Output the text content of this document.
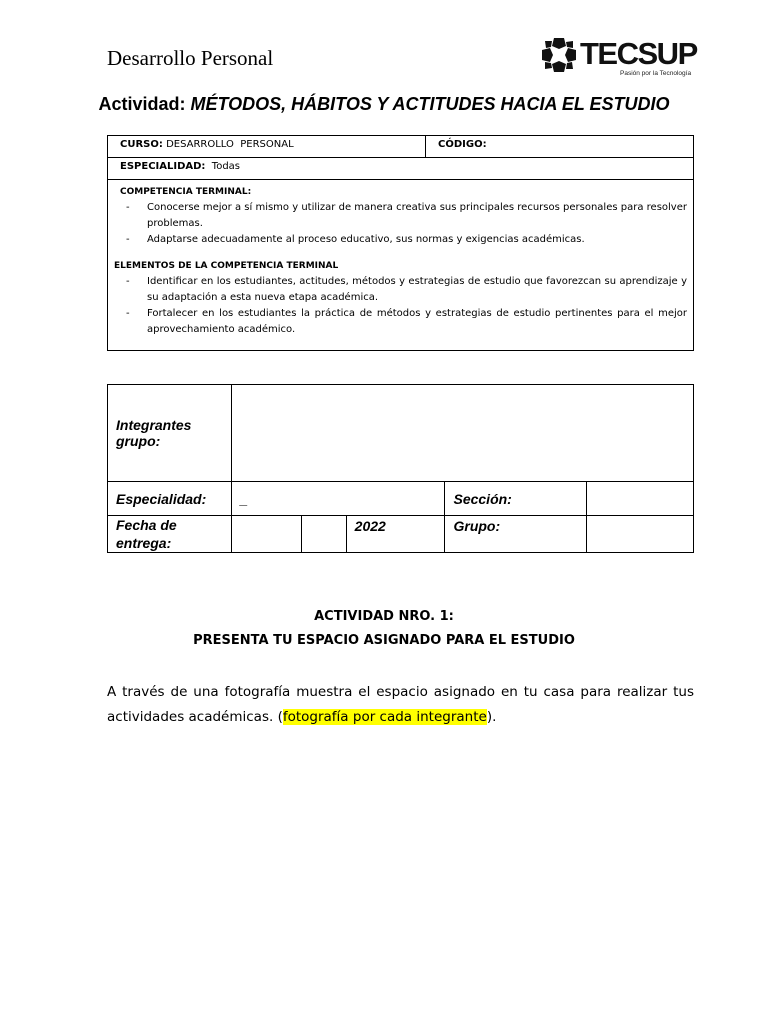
Desarrollo Personal	TECSUP
Pasión por la Tecnología
Actividad: MÉTODOS, HÁBITOS Y ACTITUDES HACIA EL ESTUDIO
CURSO: DESARROLLO  PERSONAL	CÓDIGO:
ESPECIALIDAD: Todas

COMPETENCIA TERMINAL:

- Conocerse mejor a sí mismo y utilizar de manera creativa sus principales recursos personales para resolver problemas.
- Adaptarse adecuadamente al proceso educativo, sus normas y exigencias académicas.

ELEMENTOS DE LA COMPETENCIA TERMINAL

- Identificar en los estudiantes, actitudes, métodos y estrategias de estudio que favorezcan su aprendizaje y su adaptación a esta nueva etapa académica.
- Fortalecer en los estudiantes la práctica de métodos y estrategias de estudio pertinentes para el mejor aprovechamiento académico.
Integrantes grupo:					
Especialidad:	_			Sección:	
Fecha de entrega:			2022	Grupo:	

ACTIVIDAD NRO. 1:

PRESENTA TU ESPACIO ASIGNADO PARA EL ESTUDIO

A través de una fotografía muestra el espacio asignado en tu casa para realizar tus actividades académicas. (fotografía por cada integrante).
